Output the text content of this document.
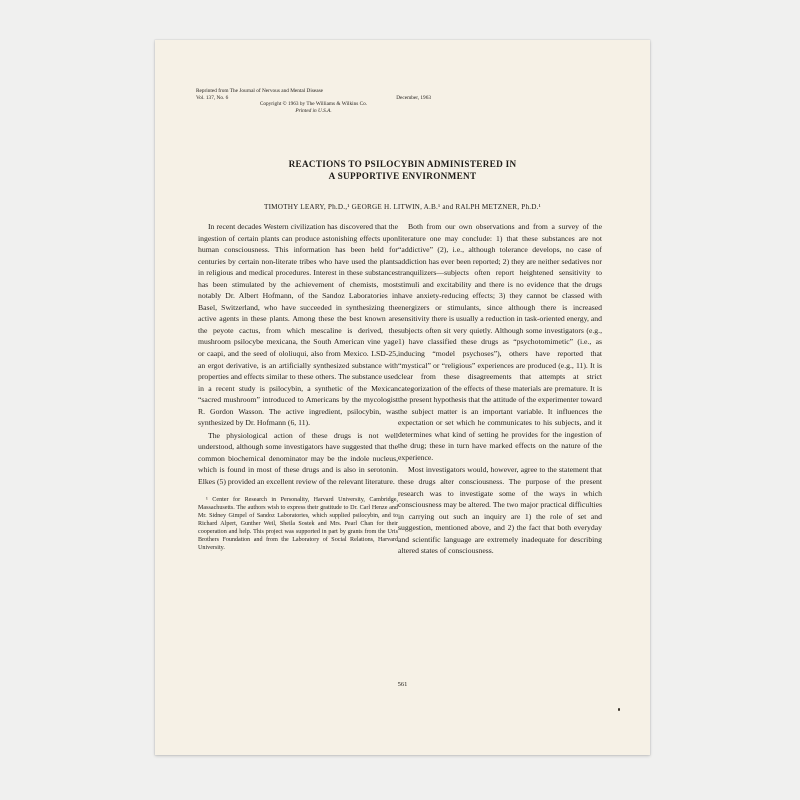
Reprinted from The Journal of Nervous and Mental Disease
Vol. 137, No. 6	December, 1963
Copyright © 1963 by The Williams & Wilkins Co.
Printed in U.S.A.
REACTIONS TO PSILOCYBIN ADMINISTERED IN
A SUPPORTIVE ENVIRONMENT
TIMOTHY LEARY, Ph.D.,¹ GEORGE H. LITWIN, A.B.¹ and RALPH METZNER, Ph.D.¹

In recent decades Western civilization has discovered that the ingestion of certain plants can produce astonishing effects upon human consciousness. This information has been held for centuries by certain non-literate tribes who have used the plants in religious and medical procedures. Interest in these substances has been stimulated by the achievement of chemists, most notably Dr. Albert Hofmann, of the Sandoz Laboratories in Basel, Switzerland, who have succeeded in synthesizing the active agents in these plants. Among these the best known are the peyote cactus, from which mescaline is derived, the mushroom psilocybe mexicana, the South American vine yage or caapi, and the seed of ololiuqui, also from Mexico. LSD-25, an ergot derivative, is an artificially synthesized substance with properties and effects similar to these others. The substance used in a recent study is psilocybin, a synthetic of the Mexican “sacred mushroom” introduced to Americans by the mycologist R. Gordon Wasson. The active ingredient, psilocybin, was synthesized by Dr. Hofmann (6, 11).

The physiological action of these drugs is not well understood, although some investigators have suggested that the common biochemical denominator may be the indole nucleus, which is found in most of these drugs and is also in serotonin. Elkes (5) provided an excellent review of the relevant literature.

¹ Center for Research in Personality, Harvard University, Cambridge, Massachusetts. The authors wish to express their gratitude to Dr. Carl Henze and Mr. Sidney Gimpel of Sandoz Laboratories, which supplied psilocybin, and to Richard Alpert, Gunther Weil, Sheila Sostek and Mrs. Pearl Chan for their cooperation and help. This project was supported in part by grants from the Uris Brothers Foundation and from the Laboratory of Social Relations, Harvard University.

Both from our own observations and from a survey of the literature one may conclude: 1) that these substances are not “addictive” (2), i.e., although tolerance develops, no case of addiction has ever been reported; 2) they are neither sedatives nor tranquilizers—subjects often report heightened sensitivity to stimuli and excitability and there is no evidence that the drugs have anxiety-reducing effects; 3) they cannot be classed with energizers or stimulants, since although there is increased sensitivity there is usually a reduction in task-oriented energy, and subjects often sit very quietly. Although some investigators (e.g., 1) have classified these drugs as “psychotomimetic” (i.e., as inducing “model psychoses”), others have reported that “mystical” or “religious” experiences are produced (e.g., 11). It is clear from these disagreements that attempts at strict categorization of the effects of these materials are premature. It is the present hypothesis that the attitude of the experimenter toward the subject matter is an important variable. It influences the expectation or set which he communicates to his subjects, and it determines what kind of setting he provides for the ingestion of the drug; these in turn have marked effects on the nature of the experience.

Most investigators would, however, agree to the statement that these drugs alter consciousness. The purpose of the present research was to investigate some of the ways in which consciousness may be altered. The two major practical difficulties in carrying out such an inquiry are 1) the role of set and suggestion, mentioned above, and 2) the fact that both everyday and scientific language are extremely inadequate for describing altered states of consciousness.

561
